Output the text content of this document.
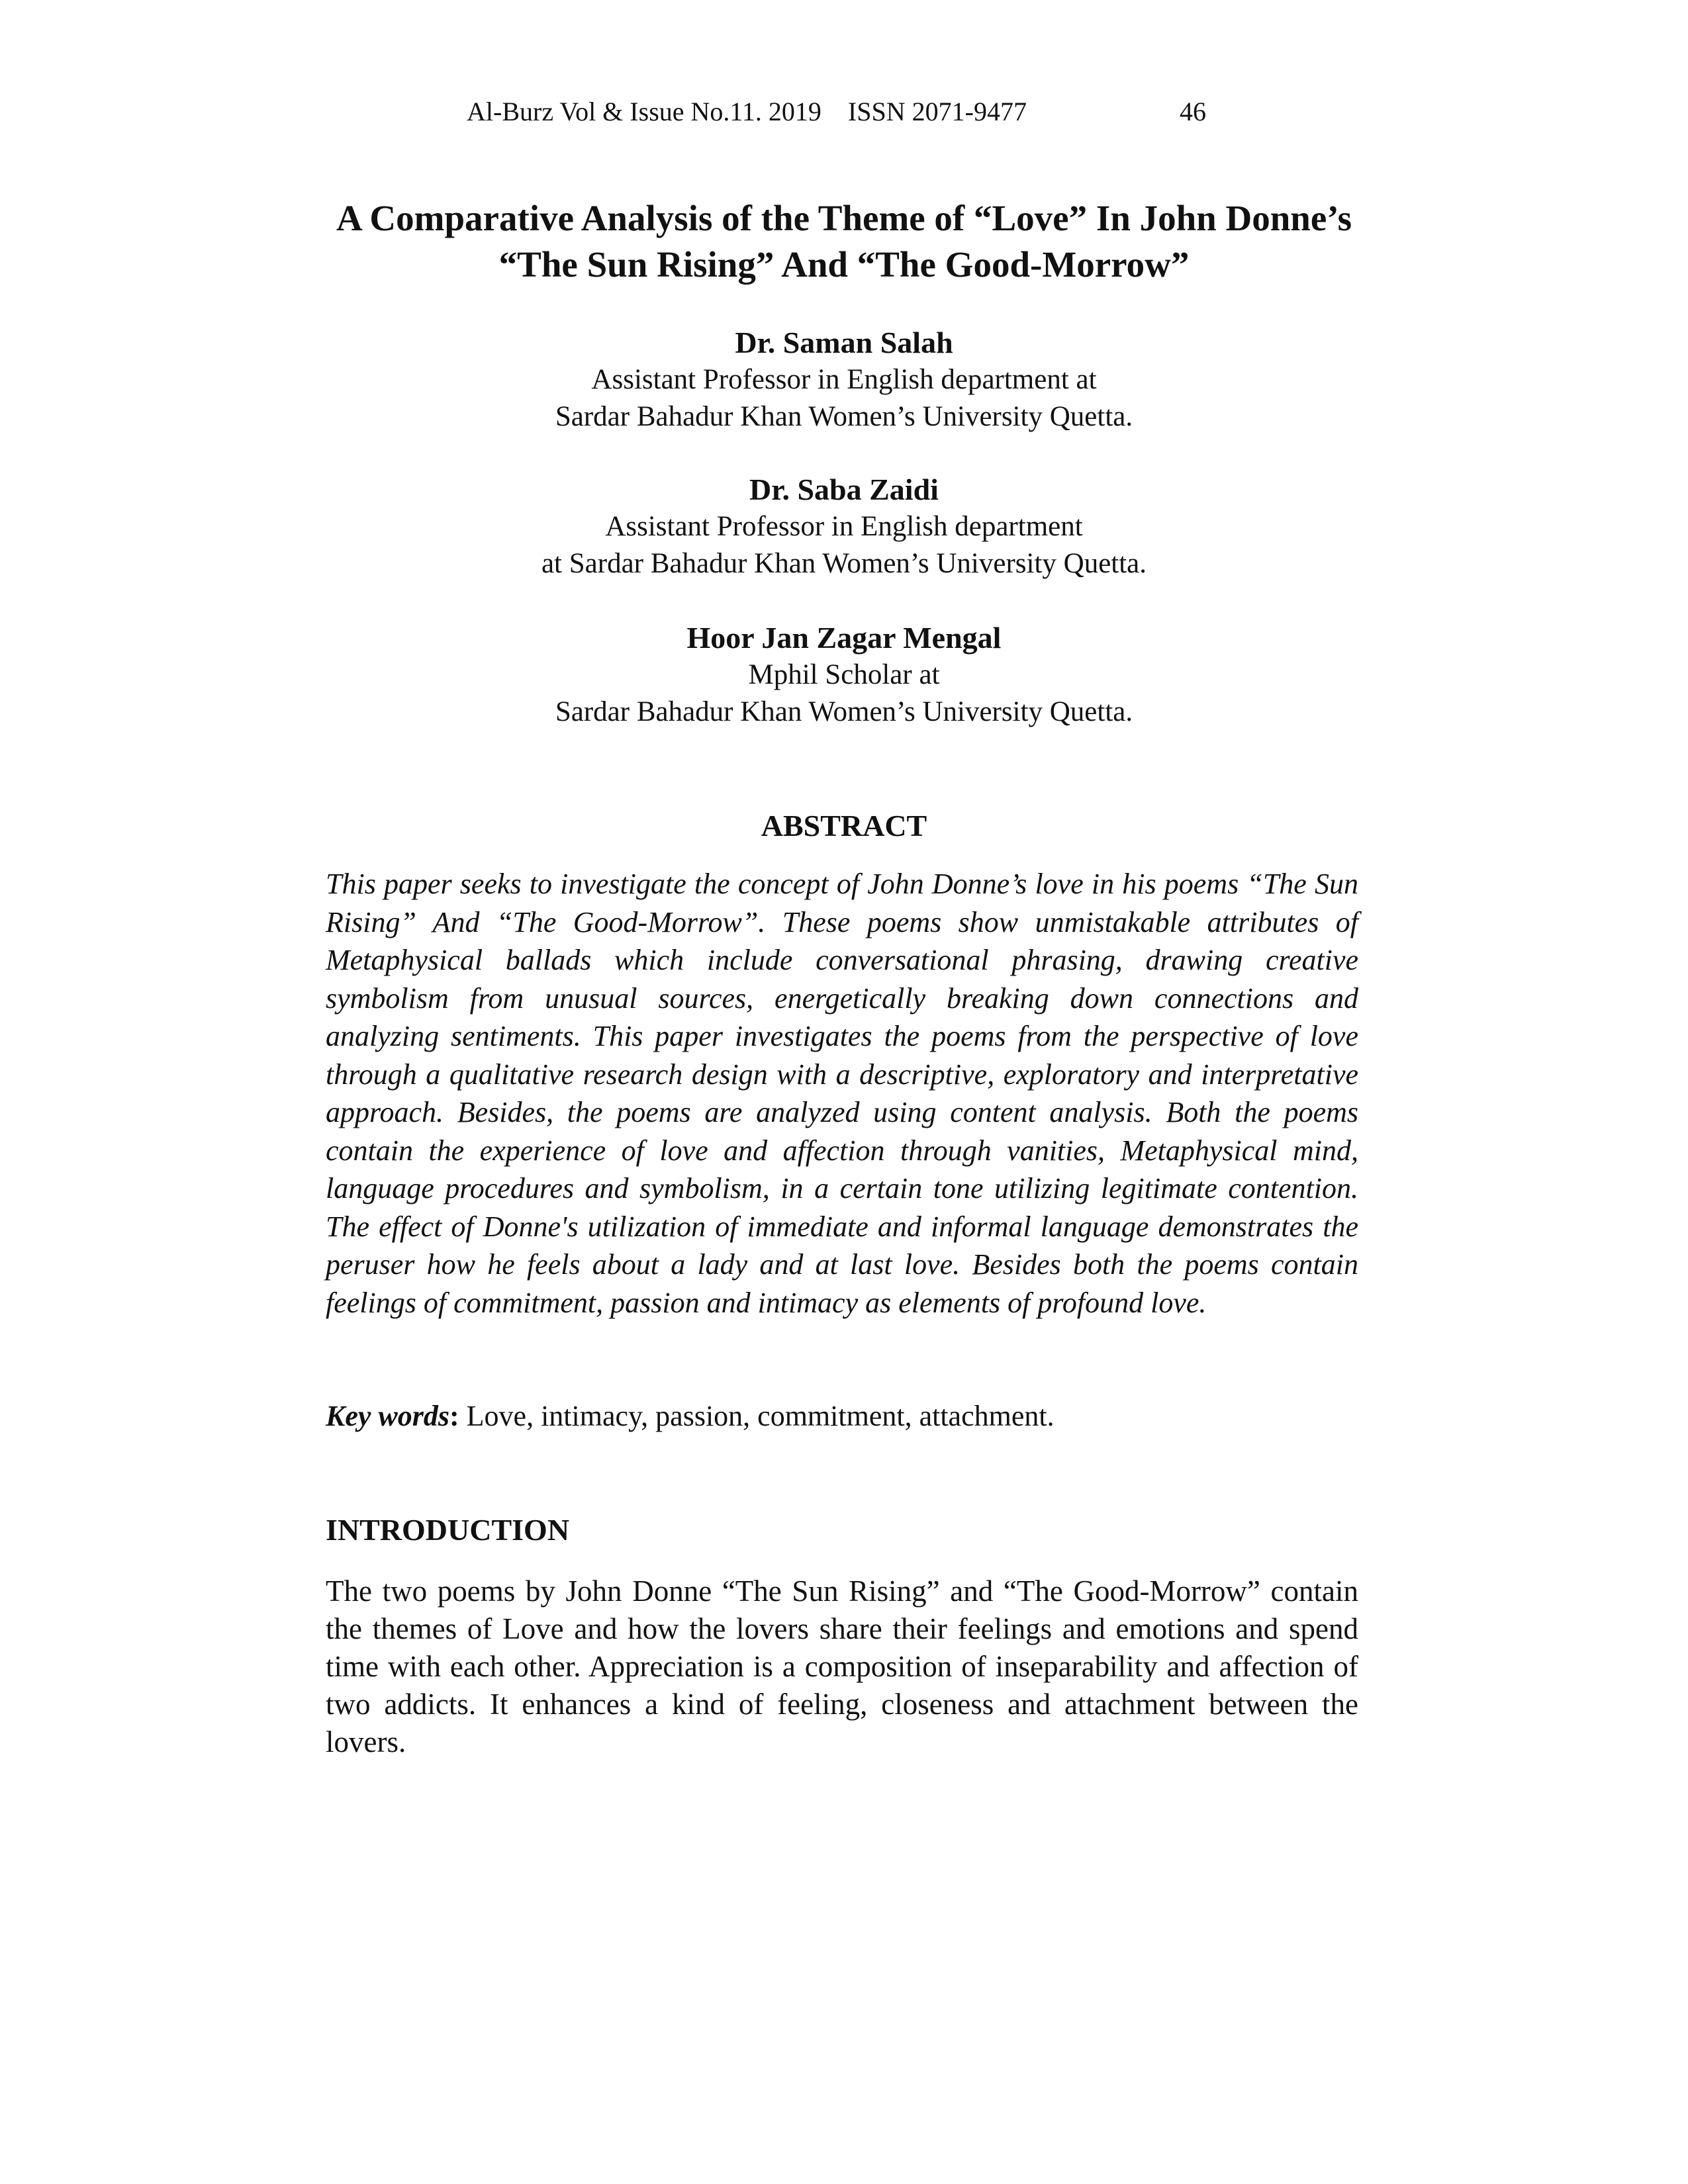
Al-Burz Vol & Issue No.11. 2019    ISSN 2071-9477	46
A Comparative Analysis of the Theme of “Love” In John Donne’s “The Sun Rising” And “The Good-Morrow”
Dr. Saman Salah
Assistant Professor in English department at
Sardar Bahadur Khan Women’s University Quetta.
Dr. Saba Zaidi
Assistant Professor in English department
at Sardar Bahadur Khan Women’s University Quetta.
Hoor Jan Zagar Mengal
Mphil Scholar at
Sardar Bahadur Khan Women’s University Quetta.
ABSTRACT

This paper seeks to investigate the concept of John Donne’s love in his poems “The Sun Rising” And “The Good-Morrow”. These poems show unmistakable attributes of Metaphysical ballads which include conversational phrasing, drawing creative symbolism from unusual sources, energetically breaking down connections and analyzing sentiments. This paper investigates the poems from the perspective of love through a qualitative research design with a descriptive, exploratory and interpretative approach. Besides, the poems are analyzed using content analysis. Both the poems contain the experience of love and affection through vanities, Metaphysical mind, language procedures and symbolism, in a certain tone utilizing legitimate contention. The effect of Donne's utilization of immediate and informal language demonstrates the peruser how he feels about a lady and at last love. Besides both the poems contain feelings of commitment, passion and intimacy as elements of profound love.

Key words: Love, intimacy, passion, commitment, attachment.
INTRODUCTION

The two poems by John Donne “The Sun Rising” and “The Good-Morrow” contain the themes of Love and how the lovers share their feelings and emotions and spend time with each other. Appreciation is a composition of inseparability and affection of two addicts. It enhances a kind of feeling, closeness and attachment between the lovers.
